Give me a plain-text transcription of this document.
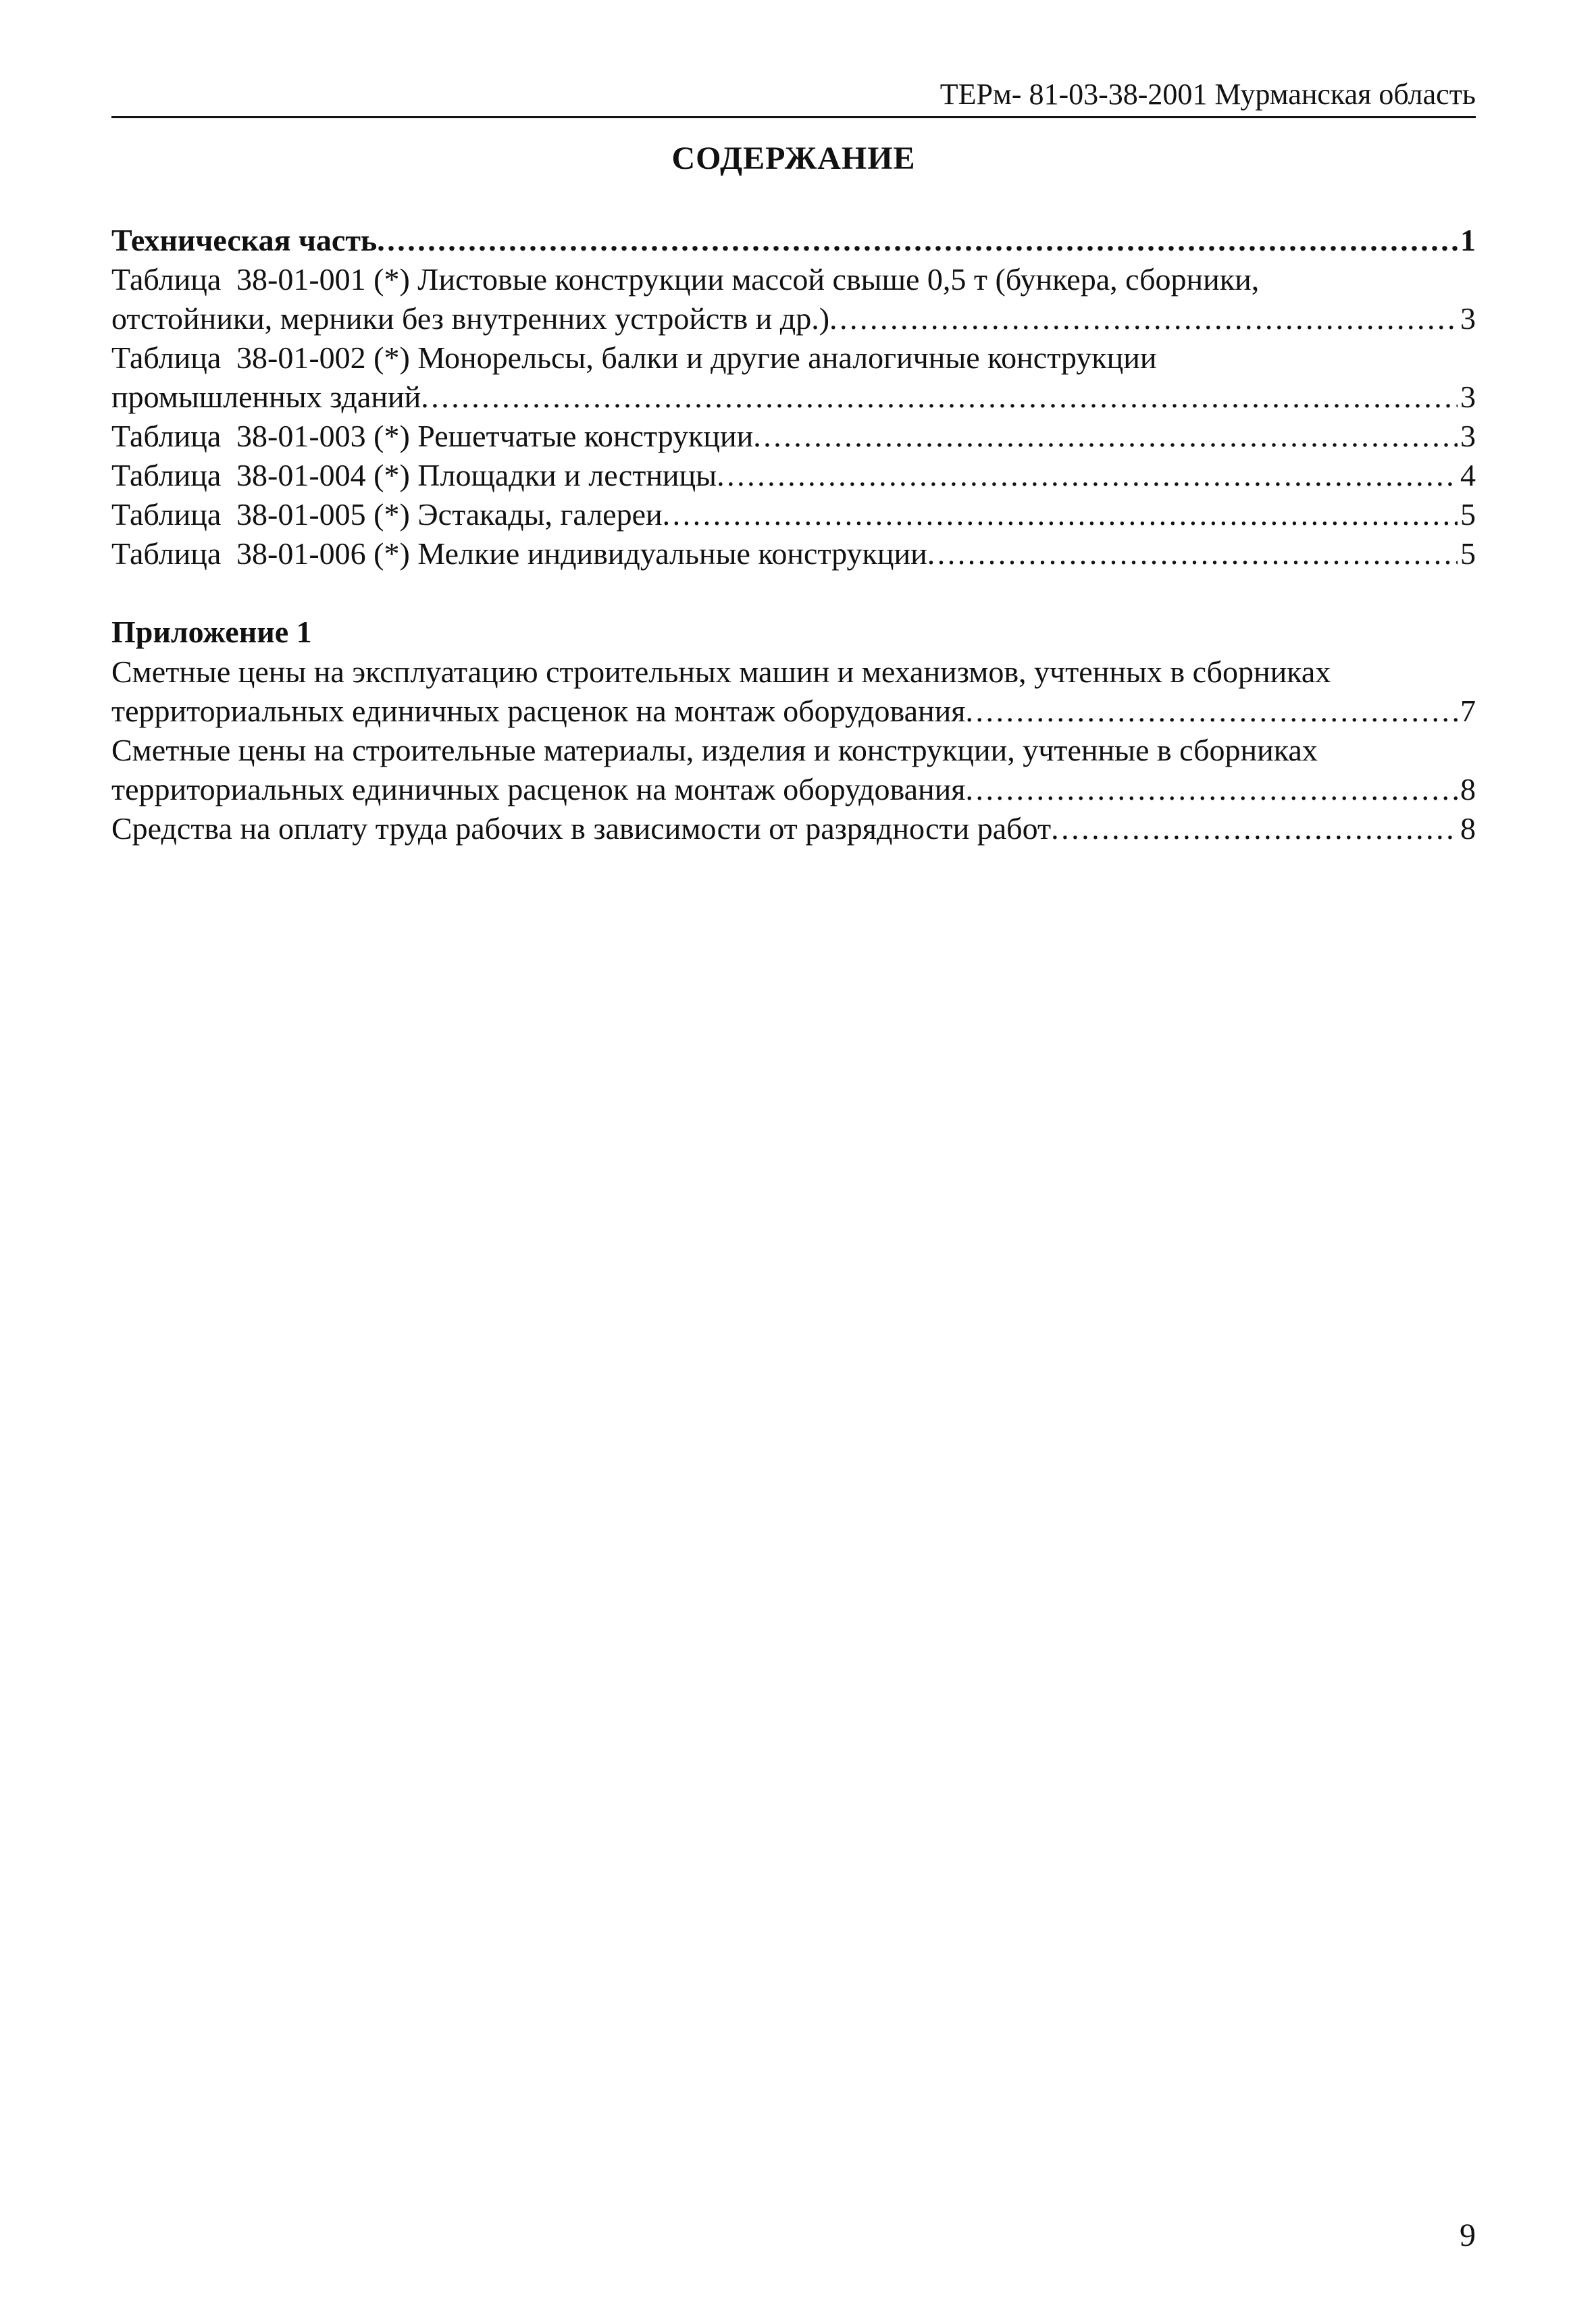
ТЕРм- 81-03-38-2001 Мурманская область
СОДЕРЖАНИЕ
Техническая часть . . .	1
Таблица 38-01-001 (*) Листовые конструкции массой свыше 0,5 т (бункера, сборники,
отстойники, мерники без внутренних устройств и др.) . . .	3
Таблица 38-01-002 (*) Монорельсы, балки и другие аналогичные конструкции
промышленных зданий . . .	3
Таблица 38-01-003 (*) Решетчатые конструкции . . .	3
Таблица 38-01-004 (*) Площадки и лестницы . . .	4
Таблица 38-01-005 (*) Эстакады, галереи . . .	5
Таблица 38-01-006 (*) Мелкие индивидуальные конструкции . . .	5
Приложение 1
Сметные цены на эксплуатацию строительных машин и механизмов, учтенных в сборниках
территориальных единичных расценок на монтаж оборудования . . .	7
Сметные цены на строительные материалы, изделия и конструкции, учтенные в сборниках
территориальных единичных расценок на монтаж оборудования . . .	8
Средства на оплату труда рабочих в зависимости от разрядности работ . . .	8
9
